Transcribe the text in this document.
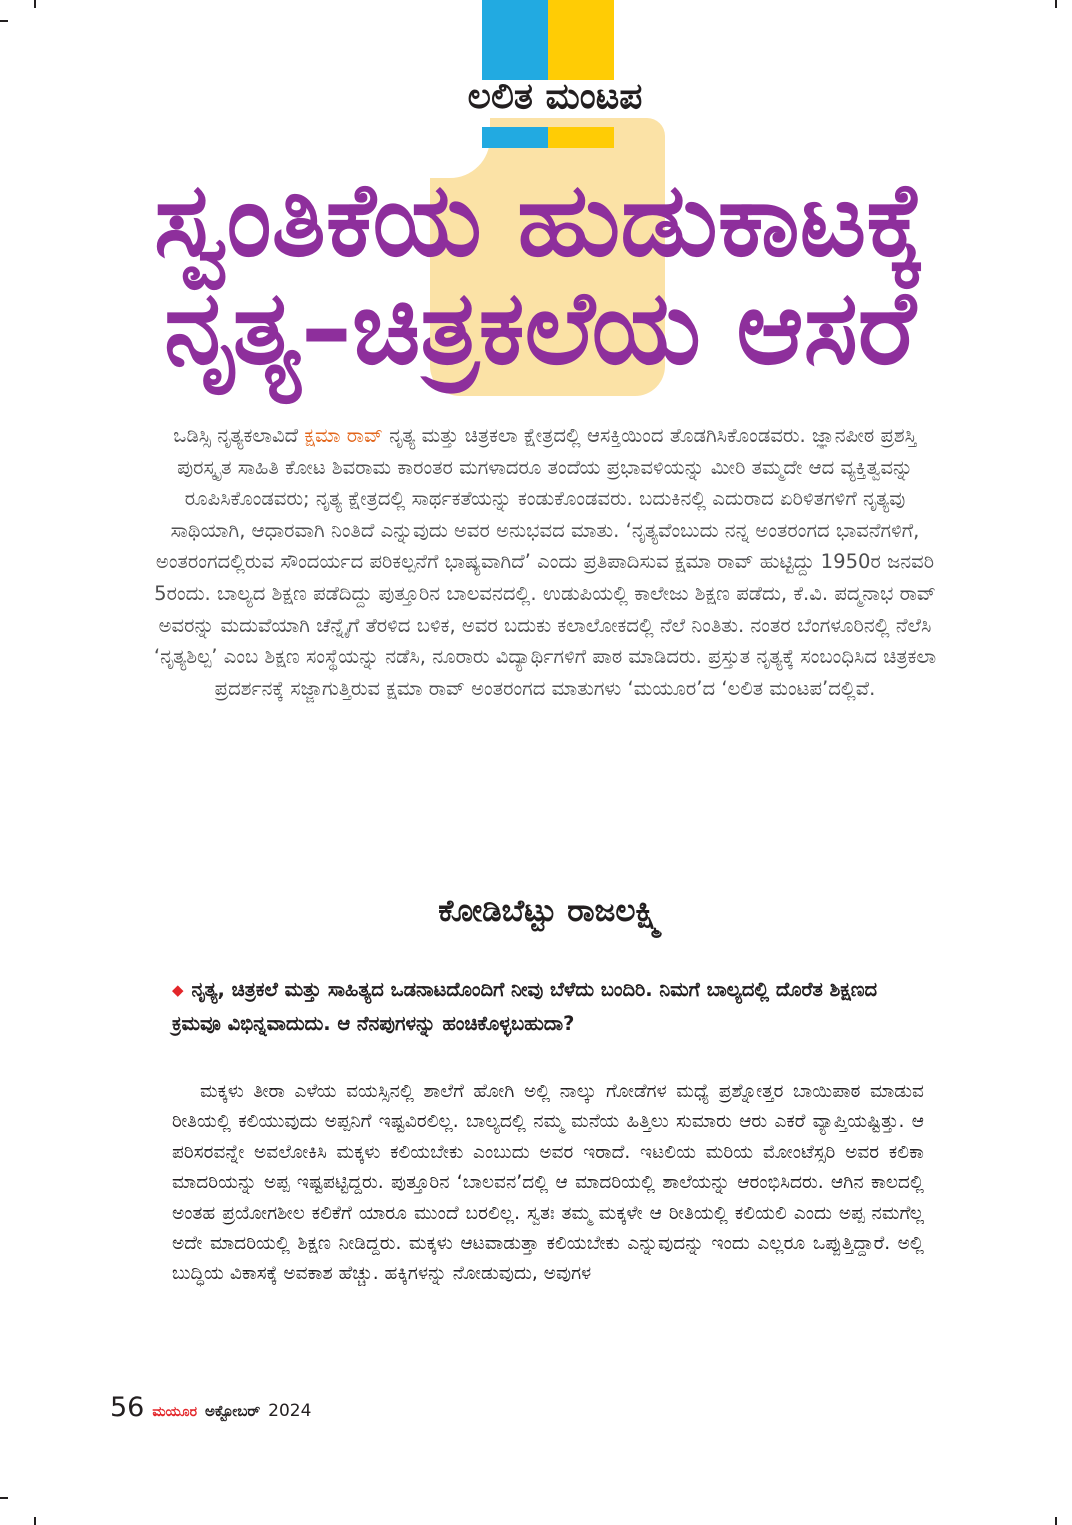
ಲಲಿತ ಮಂಟಪ
ಸ್ವಂತಿಕೆಯ ಹುಡುಕಾಟಕ್ಕೆ
ನೃತ್ಯ–ಚಿತ್ರಕಲೆಯ ಆಸರೆ

ಒಡಿಸ್ಸಿ ನೃತ್ಯಕಲಾವಿದೆ ಕ್ಷಮಾ ರಾವ್ ನೃತ್ಯ ಮತ್ತು ಚಿತ್ರಕಲಾ ಕ್ಷೇತ್ರದಲ್ಲಿ ಆಸಕ್ತಿಯಿಂದ ತೊಡಗಿಸಿಕೊಂಡವರು. ಜ್ಞಾನಪೀಠ ಪ್ರಶಸ್ತಿ ಪುರಸ್ಕೃತ ಸಾಹಿತಿ ಕೋಟ ಶಿವರಾಮ ಕಾರಂತರ ಮಗಳಾದರೂ ತಂದೆಯ ಪ್ರಭಾವಳಿಯನ್ನು ಮೀರಿ ತಮ್ಮದೇ ಆದ ವ್ಯಕ್ತಿತ್ವವನ್ನು ರೂಪಿಸಿಕೊಂಡವರು; ನೃತ್ಯ ಕ್ಷೇತ್ರದಲ್ಲಿ ಸಾರ್ಥಕತೆಯನ್ನು ಕಂಡುಕೊಂಡವರು. ಬದುಕಿನಲ್ಲಿ ಎದುರಾದ ಏರಿಳಿತಗಳಿಗೆ ನೃತ್ಯವು ಸಾಥಿಯಾಗಿ, ಆಧಾರವಾಗಿ ನಿಂತಿದೆ ಎನ್ನುವುದು ಅವರ ಅನುಭವದ ಮಾತು. ‘ನೃತ್ಯವೆಂಬುದು ನನ್ನ ಅಂತರಂಗದ ಭಾವನೆಗಳಿಗೆ, ಅಂತರಂಗದಲ್ಲಿರುವ ಸೌಂದರ್ಯದ ಪರಿಕಲ್ಪನೆಗೆ ಭಾಷ್ಯವಾಗಿದೆ’ ಎಂದು ಪ್ರತಿಪಾದಿಸುವ ಕ್ಷಮಾ ರಾವ್ ಹುಟ್ಟಿದ್ದು 1950ರ ಜನವರಿ 5ರಂದು. ಬಾಲ್ಯದ ಶಿಕ್ಷಣ ಪಡೆದಿದ್ದು ಪುತ್ತೂರಿನ ಬಾಲವನದಲ್ಲಿ. ಉಡುಪಿಯಲ್ಲಿ ಕಾಲೇಜು ಶಿಕ್ಷಣ ಪಡೆದು, ಕೆ.ವಿ. ಪದ್ಮನಾಭ ರಾವ್ ಅವರನ್ನು ಮದುವೆಯಾಗಿ ಚೆನ್ನೈಗೆ ತೆರಳಿದ ಬಳಿಕ, ಅವರ ಬದುಕು ಕಲಾಲೋಕದಲ್ಲಿ ನೆಲೆ ನಿಂತಿತು. ನಂತರ ಬೆಂಗಳೂರಿನಲ್ಲಿ ನೆಲೆಸಿ ‘ನೃತ್ಯಶಿಲ್ಪ’ ಎಂಬ ಶಿಕ್ಷಣ ಸಂಸ್ಥೆಯನ್ನು ನಡೆಸಿ, ನೂರಾರು ವಿದ್ಯಾರ್ಥಿಗಳಿಗೆ ಪಾಠ ಮಾಡಿದರು. ಪ್ರಸ್ತುತ ನೃತ್ಯಕ್ಕೆ ಸಂಬಂಧಿಸಿದ ಚಿತ್ರಕಲಾ ಪ್ರದರ್ಶನಕ್ಕೆ ಸಜ್ಜಾಗುತ್ತಿರುವ ಕ್ಷಮಾ ರಾವ್ ಅಂತರಂಗದ ಮಾತುಗಳು ‘ಮಯೂರ’ದ ‘ಲಲಿತ ಮಂಟಪ’ದಲ್ಲಿವೆ.

ಕೋಡಿಬೆಟ್ಟು ರಾಜಲಕ್ಷ್ಮಿ

◆ ನೃತ್ಯ, ಚಿತ್ರಕಲೆ ಮತ್ತು ಸಾಹಿತ್ಯದ ಒಡನಾಟದೊಂದಿಗೆ ನೀವು ಬೆಳೆದು ಬಂದಿರಿ. ನಿಮಗೆ ಬಾಲ್ಯದಲ್ಲಿ ದೊರೆತ ಶಿಕ್ಷಣದ ಕ್ರಮವೂ ವಿಭಿನ್ನವಾದುದು. ಆ ನೆನಪುಗಳನ್ನು ಹಂಚಿಕೊಳ್ಳಬಹುದಾ?

ಮಕ್ಕಳು ತೀರಾ ಎಳೆಯ ವಯಸ್ಸಿನಲ್ಲಿ ಶಾಲೆಗೆ ಹೋಗಿ ಅಲ್ಲಿ ನಾಲ್ಕು ಗೋಡೆಗಳ ಮಧ್ಯೆ ಪ್ರಶ್ನೋತ್ತರ ಬಾಯಿಪಾಠ ಮಾಡುವ ರೀತಿಯಲ್ಲಿ ಕಲಿಯುವುದು ಅಪ್ಪನಿಗೆ ಇಷ್ಟವಿರಲಿಲ್ಲ. ಬಾಲ್ಯದಲ್ಲಿ ನಮ್ಮ ಮನೆಯ ಹಿತ್ತಿಲು ಸುಮಾರು ಆರು ಎಕರೆ ವ್ಯಾಪ್ತಿಯಷ್ಟಿತ್ತು. ಆ ಪರಿಸರವನ್ನೇ ಅವಲೋಕಿಸಿ ಮಕ್ಕಳು ಕಲಿಯಬೇಕು ಎಂಬುದು ಅವರ ಇರಾದೆ. ಇಟಲಿಯ ಮರಿಯ ಮೋಂಟೆಸ್ಸರಿ ಅವರ ಕಲಿಕಾ ಮಾದರಿಯನ್ನು ಅಪ್ಪ ಇಷ್ಟಪಟ್ಟಿದ್ದರು. ಪುತ್ತೂರಿನ ‘ಬಾಲವನ’ದಲ್ಲಿ ಆ ಮಾದರಿಯಲ್ಲಿ ಶಾಲೆಯನ್ನು ಆರಂಭಿಸಿದರು. ಆಗಿನ ಕಾಲದಲ್ಲಿ ಅಂತಹ ಪ್ರಯೋಗಶೀಲ ಕಲಿಕೆಗೆ ಯಾರೂ ಮುಂದೆ ಬರಲಿಲ್ಲ. ಸ್ವತಃ ತಮ್ಮ ಮಕ್ಕಳೇ ಆ ರೀತಿಯಲ್ಲಿ ಕಲಿಯಲಿ ಎಂದು ಅಪ್ಪ ನಮಗೆಲ್ಲ ಅದೇ ಮಾದರಿಯಲ್ಲಿ ಶಿಕ್ಷಣ ನೀಡಿದ್ದರು. ಮಕ್ಕಳು ಆಟವಾಡುತ್ತಾ ಕಲಿಯಬೇಕು ಎನ್ನುವುದನ್ನು ಇಂದು ಎಲ್ಲರೂ ಒಪ್ಪುತ್ತಿದ್ದಾರೆ. ಅಲ್ಲಿ ಬುದ್ಧಿಯ ವಿಕಾಸಕ್ಕೆ ಅವಕಾಶ ಹೆಚ್ಚು. ಹಕ್ಕಿಗಳನ್ನು ನೋಡುವುದು, ಅವುಗಳ

56 ಮಯೂರ ಅಕ್ಟೋಬರ್ 2024
